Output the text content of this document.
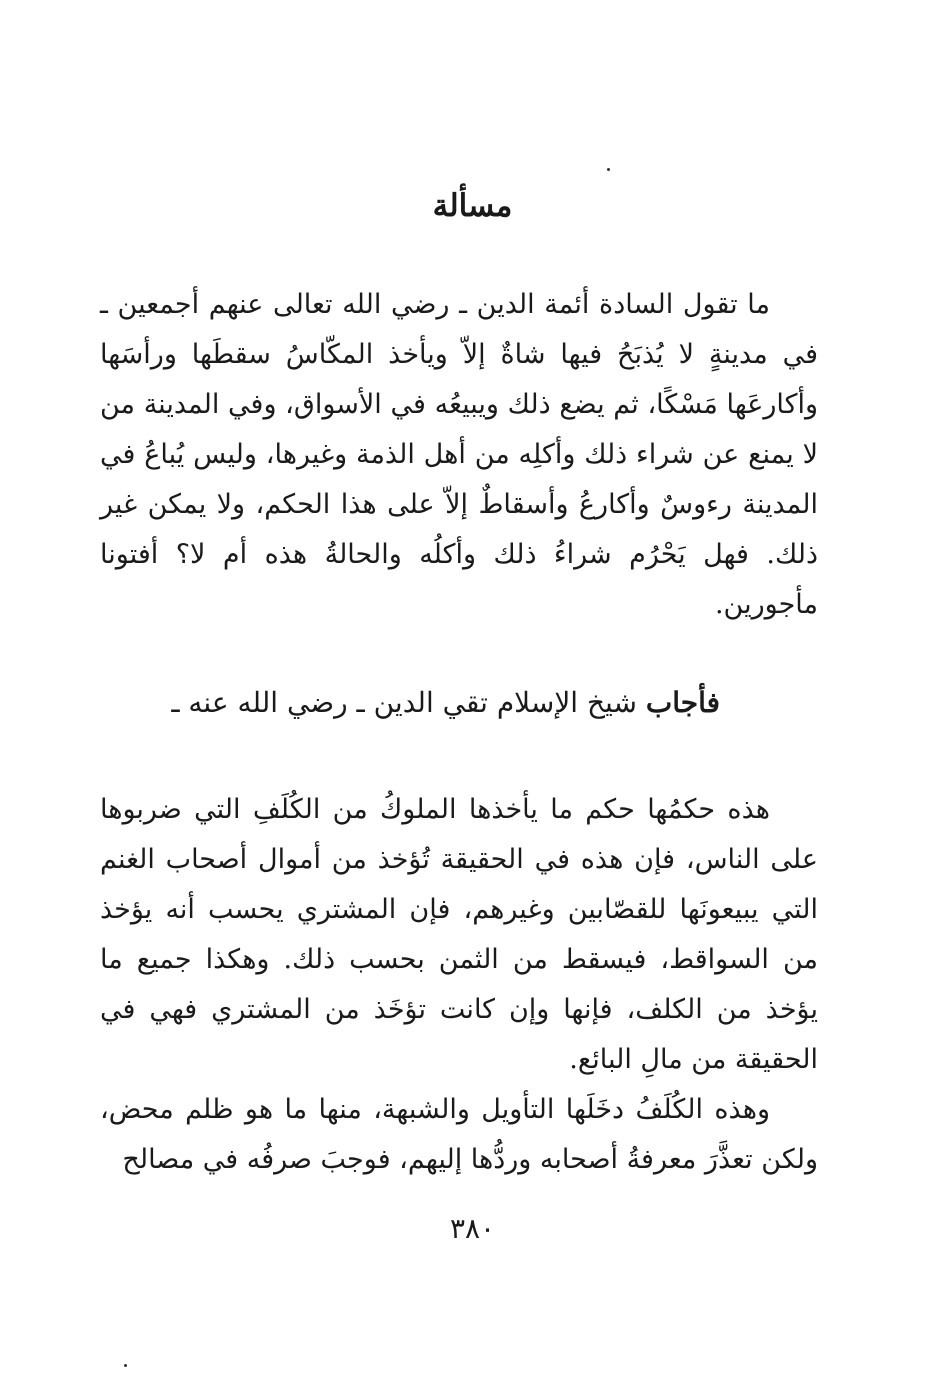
مسألة

ما تقول السادة أئمة الدين ـ رضي الله تعالى عنهم أجمعين ـ في مدينةٍ لا يُذبَحُ فيها شاةٌ إلاّ ويأخذ المكّاسُ سقطَها ورأسَها وأكارعَها مَسْكًا، ثم يضع ذلك ويبيعُه في الأسواق، وفي المدينة من لا يمنع عن شراء ذلك وأكلِه من أهل الذمة وغيرها، وليس يُباعُ في المدينة رءوسٌ وأكارعُ وأسقاطٌ إلاّ على هذا الحكم، ولا يمكن غير ذلك. فهل يَحْرُم شراءُ ذلك وأكلُه والحالةُ هذه أم لا؟ أفتونا مأجورين.

فأجاب شيخ الإسلام تقي الدين ـ رضي الله عنه ـ

هذه حكمُها حكم ما يأخذها الملوكُ من الكُلَفِ التي ضربوها على الناس، فإن هذه في الحقيقة تُؤخذ من أموال أصحاب الغنم التي يبيعونَها للقصّابين وغيرهم، فإن المشتري يحسب أنه يؤخذ من السواقط، فيسقط من الثمن بحسب ذلك. وهكذا جميع ما يؤخذ من الكلف، فإنها وإن كانت تؤخَذ من المشتري فهي في الحقيقة من مالِ البائع.

وهذه الكُلَفُ دخَلَها التأويل والشبهة، منها ما هو ظلم محض، ولكن تعذَّرَ معرفةُ أصحابه وردُّها إليهم، فوجبَ صرفُه في مصالح

٣٨٠
